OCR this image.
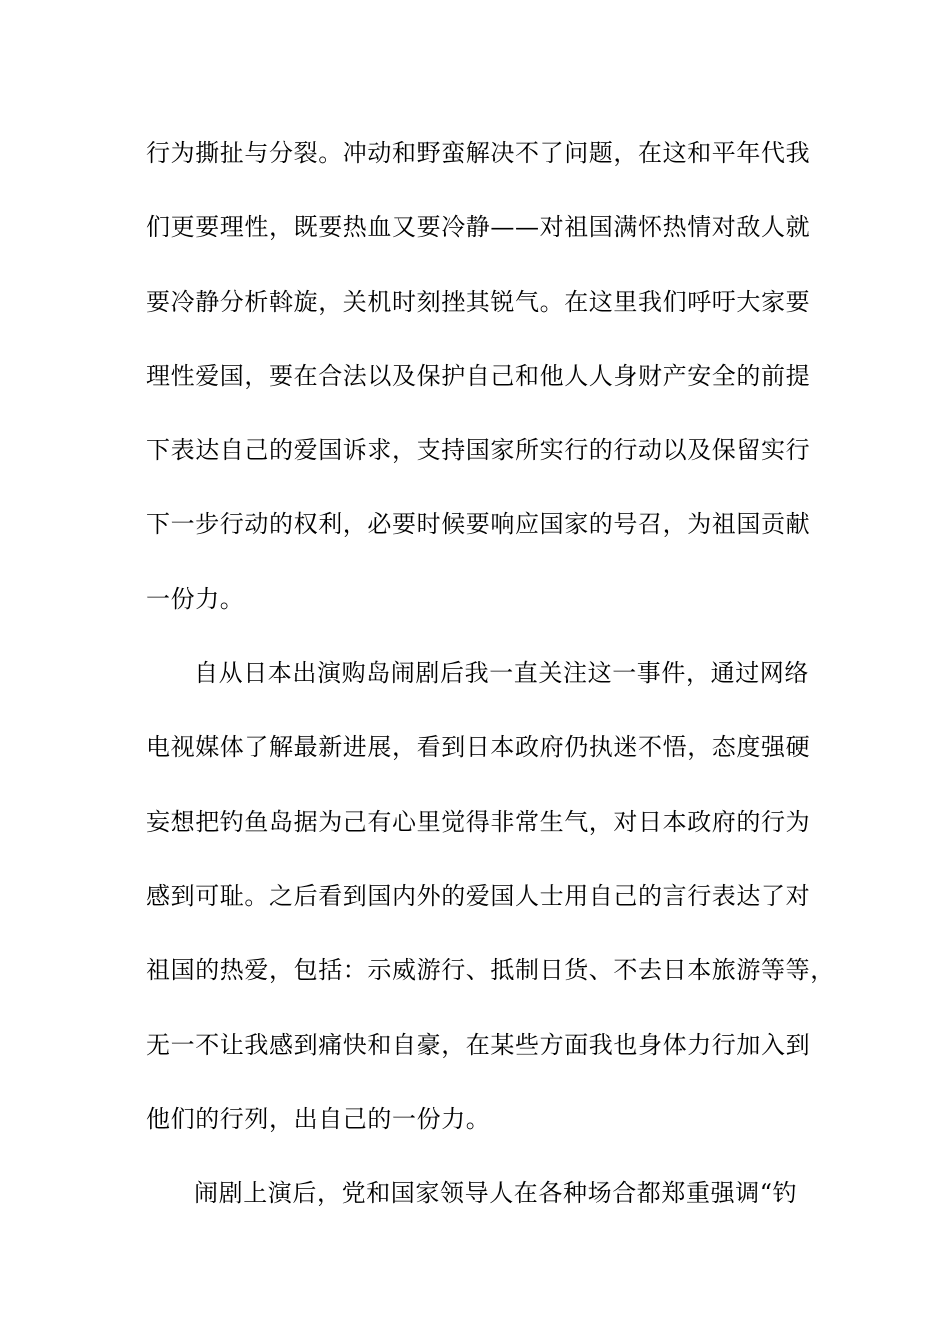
行为撕扯与分裂。冲动和野蛮解决不了问题，在这和平年代我
们更要理性，既要热血又要冷静——对祖国满怀热情对敌人就
要冷静分析斡旋，关机时刻挫其锐气。在这里我们呼吁大家要
理性爱国，要在合法以及保护自己和他人人身财产安全的前提
下表达自己的爱国诉求，支持国家所实行的行动以及保留实行
下一步行动的权利，必要时候要响应国家的号召，为祖国贡献
一份力。
自从日本出演购岛闹剧后我一直关注这一事件，通过网络
电视媒体了解最新进展，看到日本政府仍执迷不悟，态度强硬
妄想把钓鱼岛据为己有心里觉得非常生气，对日本政府的行为
感到可耻。之后看到国内外的爱国人士用自己的言行表达了对
祖国的热爱，包括：示威游行、抵制日货、不去日本旅游等等，
无一不让我感到痛快和自豪，在某些方面我也身体力行加入到
他们的行列，出自己的一份力。
闹剧上演后，党和国家领导人在各种场合都郑重强调“钓
